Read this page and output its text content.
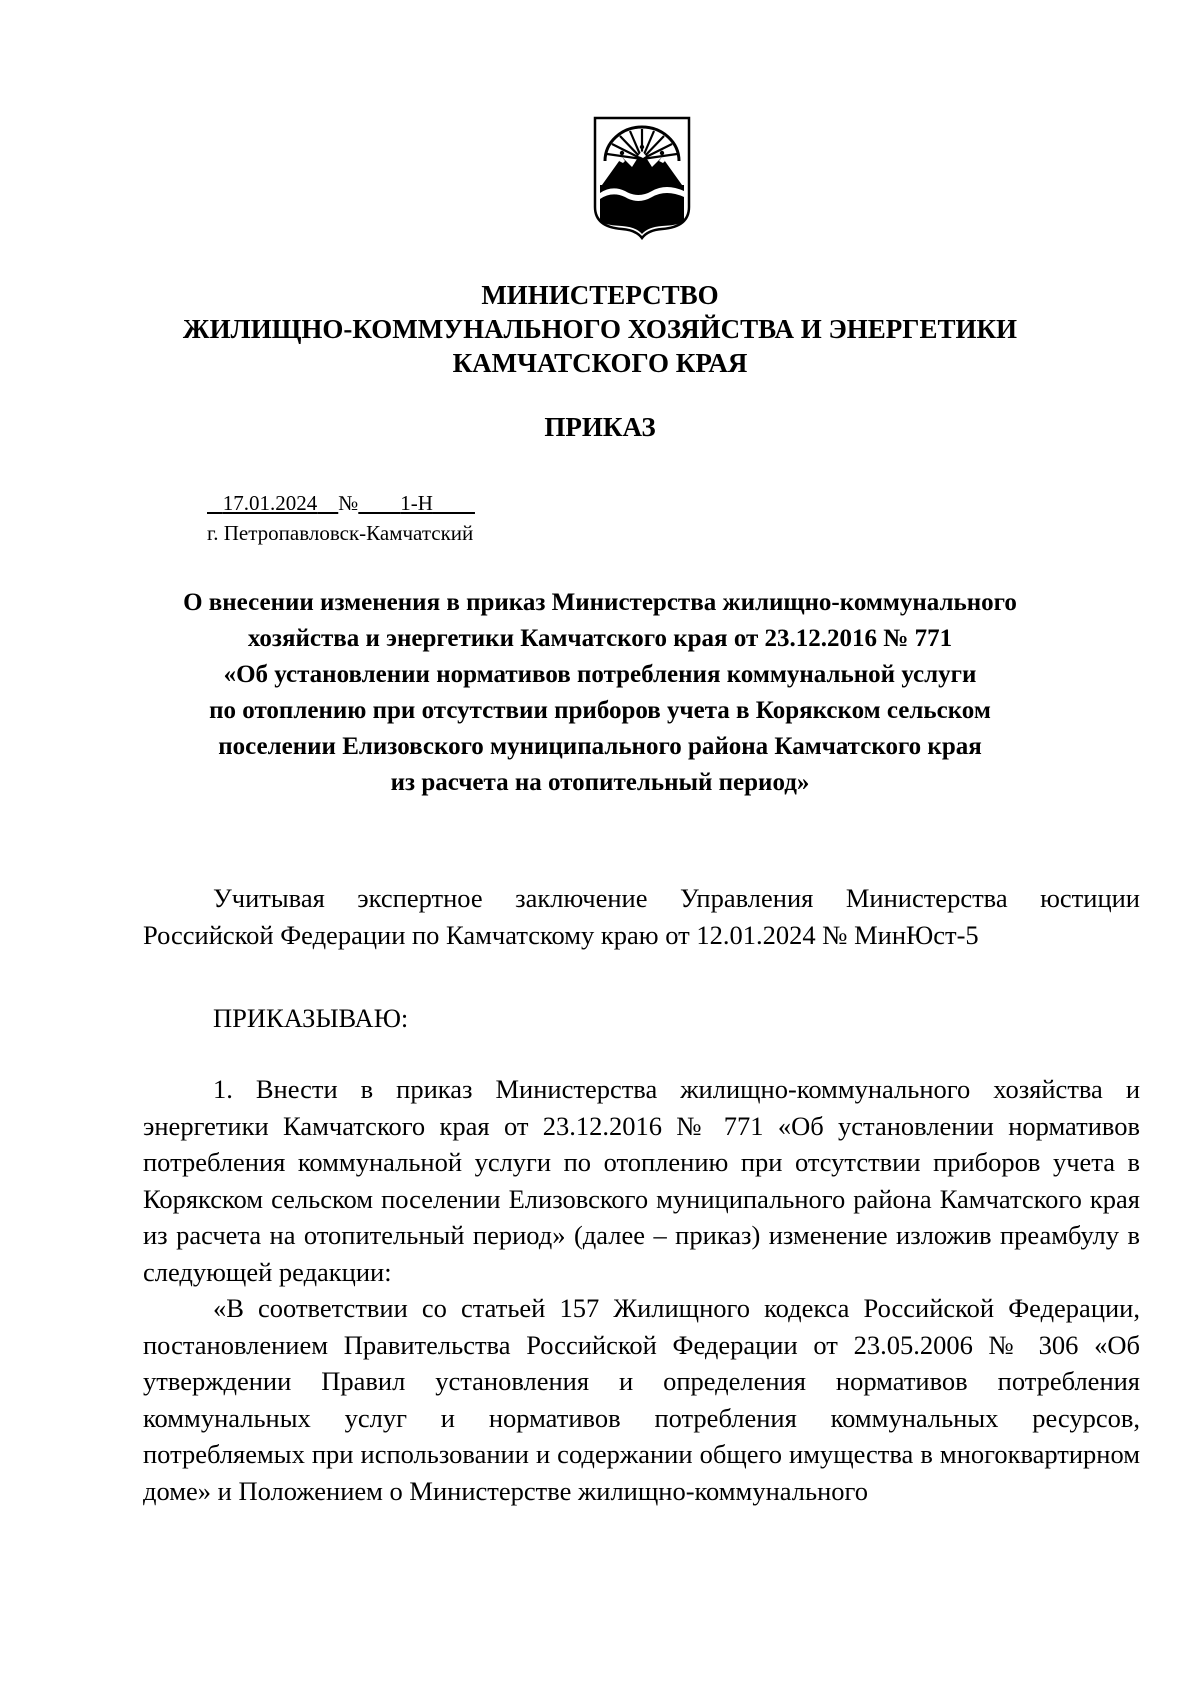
МИНИСТЕРСТВО
ЖИЛИЩНО-КОММУНАЛЬНОГО ХОЗЯЙСТВА И ЭНЕРГЕТИКИ
КАМЧАТСКОГО КРАЯ
ПРИКАЗ
17.01.2024 № 1-Н
г. Петропавловск-Камчатский
О внесении изменения в приказ Министерства жилищно-коммунального
хозяйства и энергетики Камчатского края от 23.12.2016 № 771
«Об установлении нормативов потребления коммунальной услуги
по отоплению при отсутствии приборов учета в Корякском сельском
поселении Елизовского муниципального района Камчатского края
из расчета на отопительный период»

Учитывая экспертное заключение Управления Министерства юстиции Российской Федерации по Камчатскому краю от 12.01.2024 № МинЮст-5

ПРИКАЗЫВАЮ:

1. Внести в приказ Министерства жилищно-коммунального хозяйства и энергетики Камчатского края от 23.12.2016 № 771 «Об установлении нормативов потребления коммунальной услуги по отоплению при отсутствии приборов учета в Корякском сельском поселении Елизовского муниципального района Камчатского края из расчета на отопительный период» (далее – приказ) изменение изложив преамбулу в следующей редакции:

«В соответствии со статьей 157 Жилищного кодекса Российской Федерации, постановлением Правительства Российской Федерации от 23.05.2006 № 306 «Об утверждении Правил установления и определения нормативов потребления коммунальных услуг и нормативов потребления коммунальных ресурсов, потребляемых при использовании и содержании общего имущества в многоквартирном доме» и Положением о Министерстве жилищно-коммунального
